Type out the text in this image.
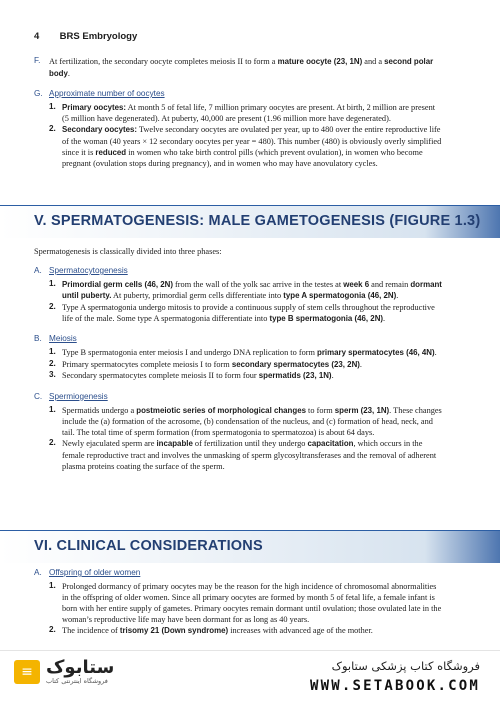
4 BRS Embryology
F.	At fertilization, the secondary oocyte completes meiosis II to form a mature oocyte (23, 1N) and a second polar body.
G. Approximate number of oocytes

1. Primary oocytes: At month 5 of fetal life, 7 million primary oocytes are present. At birth, 2 million are present (5 million have degenerated). At puberty, 40,000 are present (1.96 million more have degenerated).
2. Secondary oocytes: Twelve secondary oocytes are ovulated per year, up to 480 over the entire reproductive life of the woman (40 years × 12 secondary oocytes per year = 480). This number (480) is obviously overly simplified since it is reduced in women who take birth control pills (which prevent ovulation), in women who become pregnant (ovulation stops during pregnancy), and in women who may have anovulatory cycles.
V. SPERMATOGENESIS: MALE GAMETOGENESIS (FIGURE 1.3)
Spermatogenesis is classically divided into three phases:
A. Spermatocytogenesis

1. Primordial germ cells (46, 2N) from the wall of the yolk sac arrive in the testes at week 6 and remain dormant until puberty. At puberty, primordial germ cells differentiate into type A spermatogonia (46, 2N).
2. Type A spermatogonia undergo mitosis to provide a continuous supply of stem cells throughout the reproductive life of the male. Some type A spermatogonia differentiate into type B spermatogonia (46, 2N).
B. Meiosis

1. Type B spermatogonia enter meiosis I and undergo DNA replication to form primary spermatocytes (46, 4N).
2. Primary spermatocytes complete meiosis I to form secondary spermatocytes (23, 2N).
3. Secondary spermatocytes complete meiosis II to form four spermatids (23, 1N).
C. Spermiogenesis

1. Spermatids undergo a postmeiotic series of morphological changes to form sperm (23, 1N). These changes include the (a) formation of the acrosome, (b) condensation of the nucleus, and (c) formation of head, neck, and tail. The total time of sperm formation (from spermatogonia to spermatozoa) is about 64 days.
2. Newly ejaculated sperm are incapable of fertilization until they undergo capacitation, which occurs in the female reproductive tract and involves the unmasking of sperm glycosyltransferases and the removal of adherent plasma proteins coating the surface of the sperm.
VI. CLINICAL CONSIDERATIONS
A. Offspring of older women

1. Prolonged dormancy of primary oocytes may be the reason for the high incidence of chromosomal abnormalities in the offspring of older women. Since all primary oocytes are formed by month 5 of fetal life, a female infant is born with her entire supply of gametes. Primary oocytes remain dormant until ovulation; those ovulated late in the woman’s reproductive life may have been dormant for as long as 40 years.
2. The incidence of trisomy 21 (Down syndrome) increases with advanced age of the mother.
≡ ستابوک
فروشگاه اینترنتی کتاب
فروشگاه کتاب پزشکی ستابوک
WWW.SETABOOK.COM
